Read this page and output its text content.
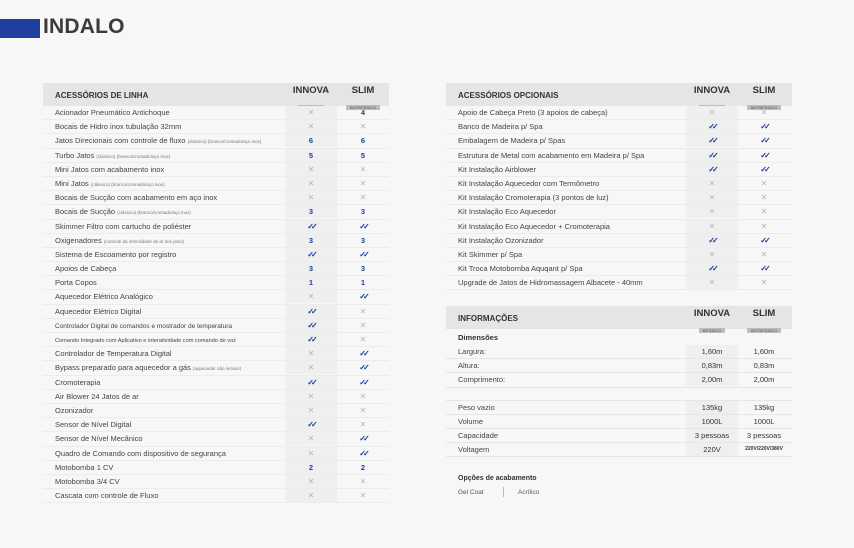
INDALO
ACESSÓRIOS DE LINHA	INNOVA	SLIM
BI/TRIFÁSICO
Acionador Pneumático Antichoque	✕	4
Bocais de Hidro inox tubulação 32mm	✕	✕
Jatos Direcionais com controle de fluxo (clássico) (branco/cromado/aço inox)	6	6
Turbo Jatos (clássico) (branco/cromado/aço inox)	5	5
Mini Jatos com acabamento inox	✕	✕
Mini Jatos (clássico) (branco/cromado/aço inox)	✕	✕
Bocais de Sucção com acabamento em aço inox	✕	✕
Bocais de Sucção (clássico) (branco/cromado/aço inox)	3	3
Skimmer Filtro com cartucho de poliéster	✓✓	✓✓
Oxigenadores (controle da intensidade de ar dos jatos)	3	3
Sistema de Escoamento por registro	✓✓	✓✓
Apoios de Cabeça	3	3
Porta Copos	1	1
Aquecedor Elétrico Analógico	✕	✓✓
Aquecedor Elétrico Digital	✓✓	✕
Controlador Digital de comandos e mostrador de temperatura	✓✓	✕
Comando Integrado com Aplicativo e interatividade com comando de voz	✓✓	✕
Controlador de Temperatura Digital	✕	✓✓
Bypass preparado para aquecedor a gás (aquecedor não incluso)	✕	✓✓
Cromoterapia	✓✓	✓✓
Air Blower 24 Jatos de ar	✕	✕
Ozonizador	✕	✕
Sensor de Nível Digital	✓✓	✕
Sensor de Nível Mecânico	✕	✓✓
Quadro de Comando com dispositivo de segurança	✕	✓✓
Motobomba 1 CV	2	2
Motobomba 3/4 CV	✕	✕
Cascata com controle de Fluxo	✕	✕
ACESSÓRIOS OPCIONAIS	INNOVA	SLIM
BI/TRIFÁSICO
Apoio de Cabeça Preto (3 apoios de cabeça)	✕	✕
Banco de Madeira p/ Spa	✓✓	✓✓
Embalagem de Madeira p/ Spas	✓✓	✓✓
Estrutura de Metal com acabamento em Madeira p/ Spa	✓✓	✓✓
Kit Instalação Airblower	✓✓	✓✓
Kit Instalação Aquecedor com Termômetro	✕	✕
Kit Instalação Cromoterapia (3 pontos de luz)	✕	✕
Kit Instalação Eco Aquecedor	✕	✕
Kit Instalação Eco Aquecedor + Cromoterapia	✕	✕
Kit Instalação Ozonizador	✓✓	✓✓
Kit Skimmer p/ Spa	✕	✕
Kit Troca Motobomba Aquqant p/ Spa	✓✓	✓✓
Upgrade de Jatos de Hidromassagem Albacete - 40mm	✕	✕
INFORMAÇÕES	INNOVA
BIFÁSICO
SLIM
BI/TRIFÁSICO
Dimensões
Largura:	1,60m	1,60m
Altura:	0,83m	0,83m
Comprimento:	2,00m	2,00m
Peso vazio	135kg	135kg
Volume	1000L	1000L
Capacidade	3 pessoas	3 pessoas
Voltagem	220V	220V/220V/380V
Opções de acabamento
Gel Coat	Acrílico
